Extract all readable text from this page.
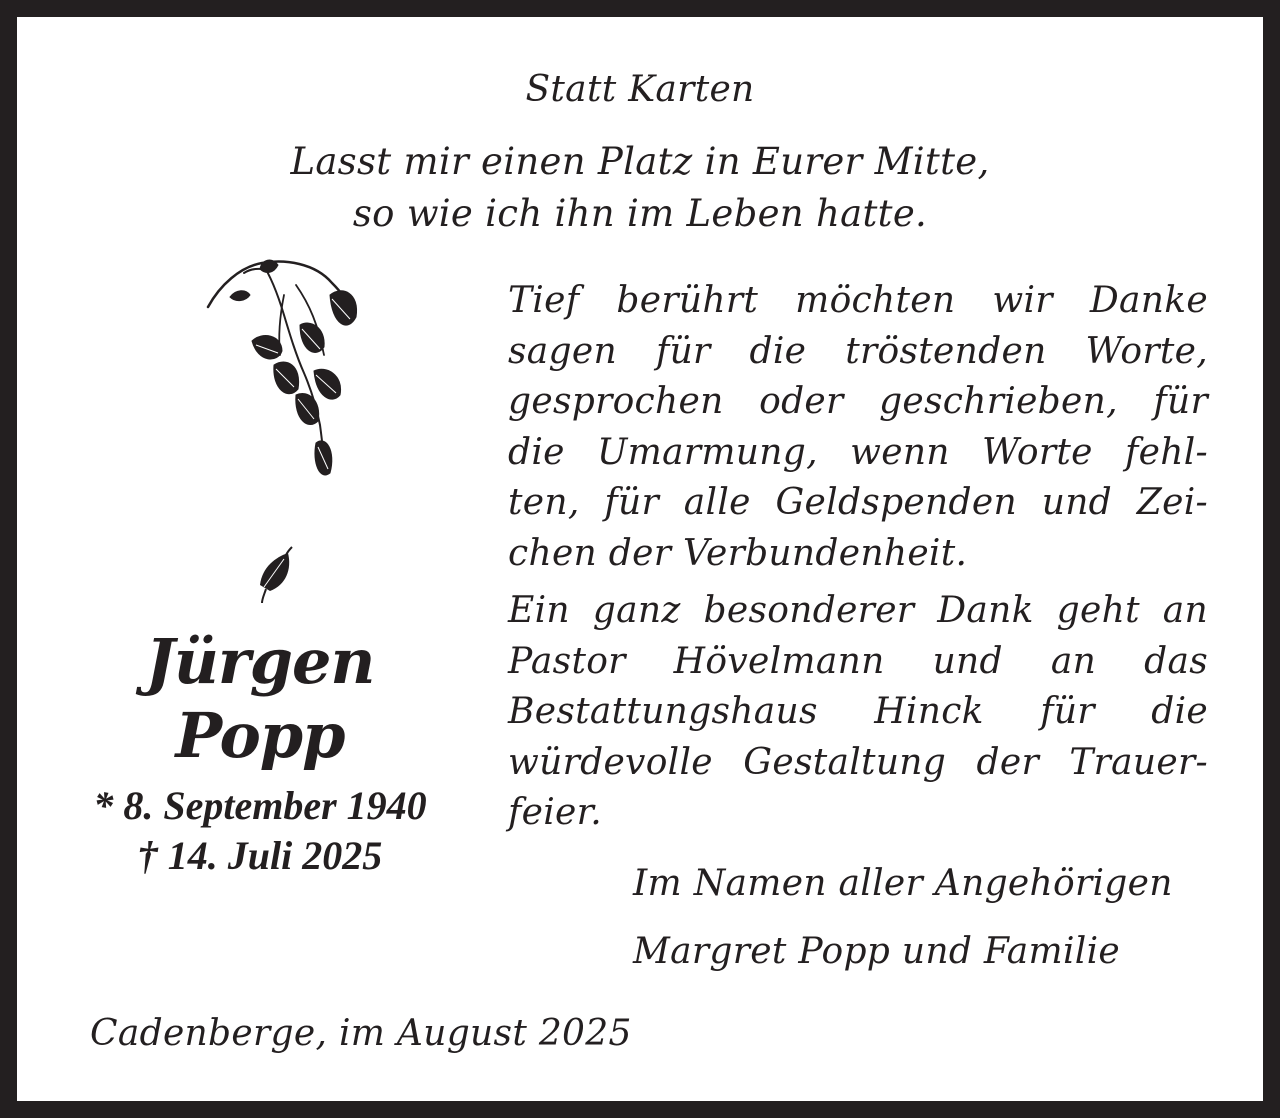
Statt Karten
Lasst mir einen Platz in Eurer Mitte,
so wie ich ihn im Leben hatte.
Jürgen
Popp
* 8. September 1940
† 14. Juli 2025
Tief berührt möchten wir Danke
sagen für die tröstenden Worte,
gesprochen oder geschrieben, für
die Umarmung, wenn Worte fehl-
ten, für alle Geldspenden und Zei-
chen der Verbundenheit.
Ein ganz besonderer Dank geht an
Pastor Hövelmann und an das
Bestattungshaus Hinck für die
würdevolle Gestaltung der Trauer-
feier.
Im Namen aller Angehörigen
Margret Popp und Familie
Cadenberge, im August 2025
